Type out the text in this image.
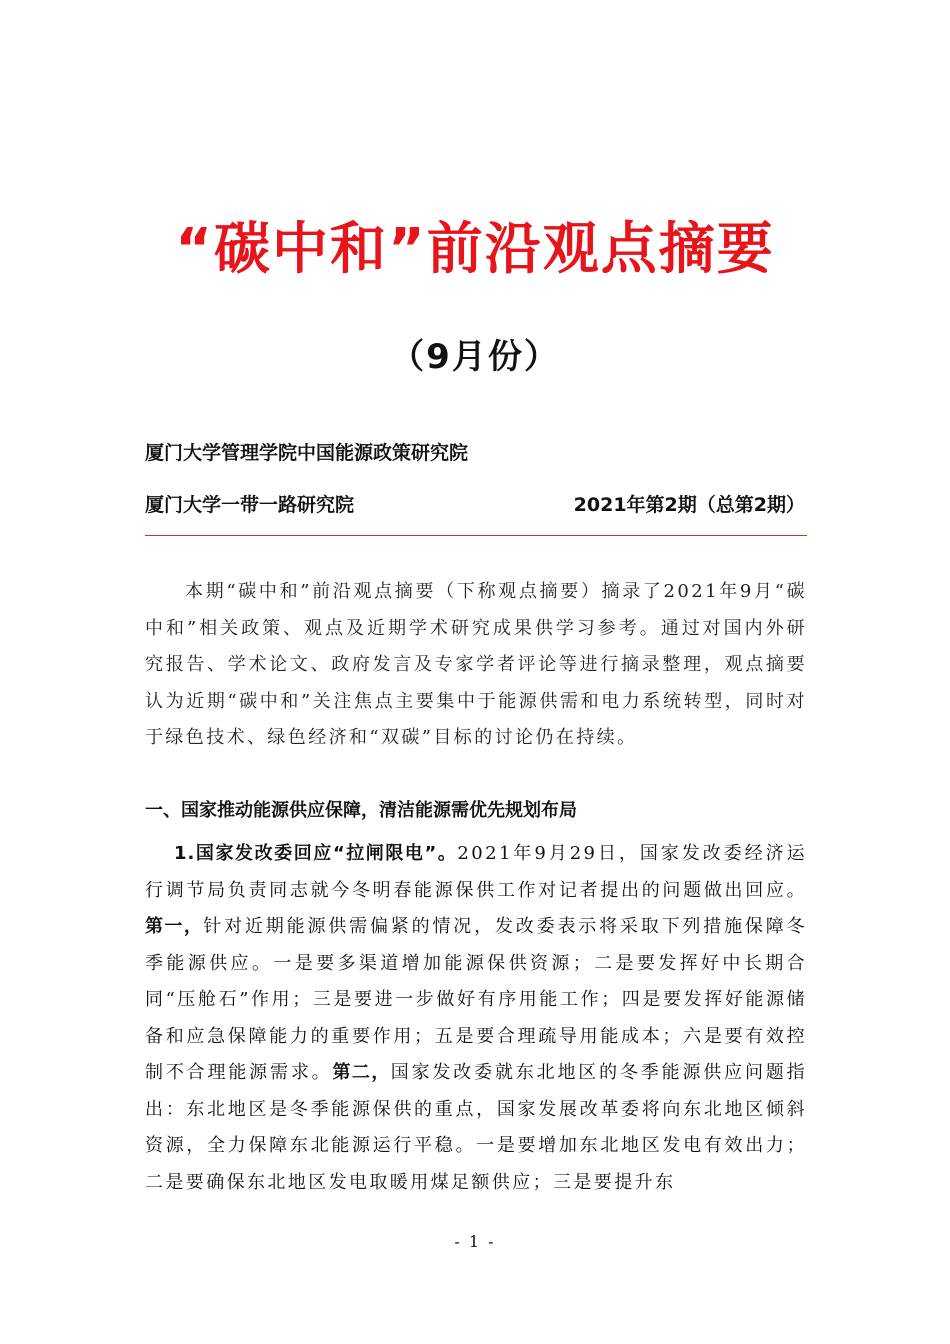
“碳中和”前沿观点摘要
（9月份）
厦门大学管理学院中国能源政策研究院
厦门大学一带一路研究院	2021年第2期（总第2期）

本期“碳中和”前沿观点摘要（下称观点摘要）摘录了2021年9月“碳中和”相关政策、观点及近期学术研究成果供学习参考。通过对国内外研究报告、学术论文、政府发言及专家学者评论等进行摘录整理，观点摘要认为近期“碳中和”关注焦点主要集中于能源供需和电力系统转型，同时对于绿色技术、绿色经济和“双碳”目标的讨论仍在持续。

一、国家推动能源供应保障，清洁能源需优先规划布局

1.国家发改委回应“拉闸限电”。2021年9月29日，国家发改委经济运行调节局负责同志就今冬明春能源保供工作对记者提出的问题做出回应。第一，针对近期能源供需偏紧的情况，发改委表示将采取下列措施保障冬季能源供应。一是要多渠道增加能源保供资源；二是要发挥好中长期合同“压舱石”作用；三是要进一步做好有序用能工作；四是要发挥好能源储备和应急保障能力的重要作用；五是要合理疏导用能成本；六是要有效控制不合理能源需求。第二，国家发改委就东北地区的冬季能源供应问题指出：东北地区是冬季能源保供的重点，国家发展改革委将向东北地区倾斜资源，全力保障东北能源运行平稳。一是要增加东北地区发电有效出力；二是要确保东北地区发电取暖用煤足额供应；三是要提升东

- 1 -
